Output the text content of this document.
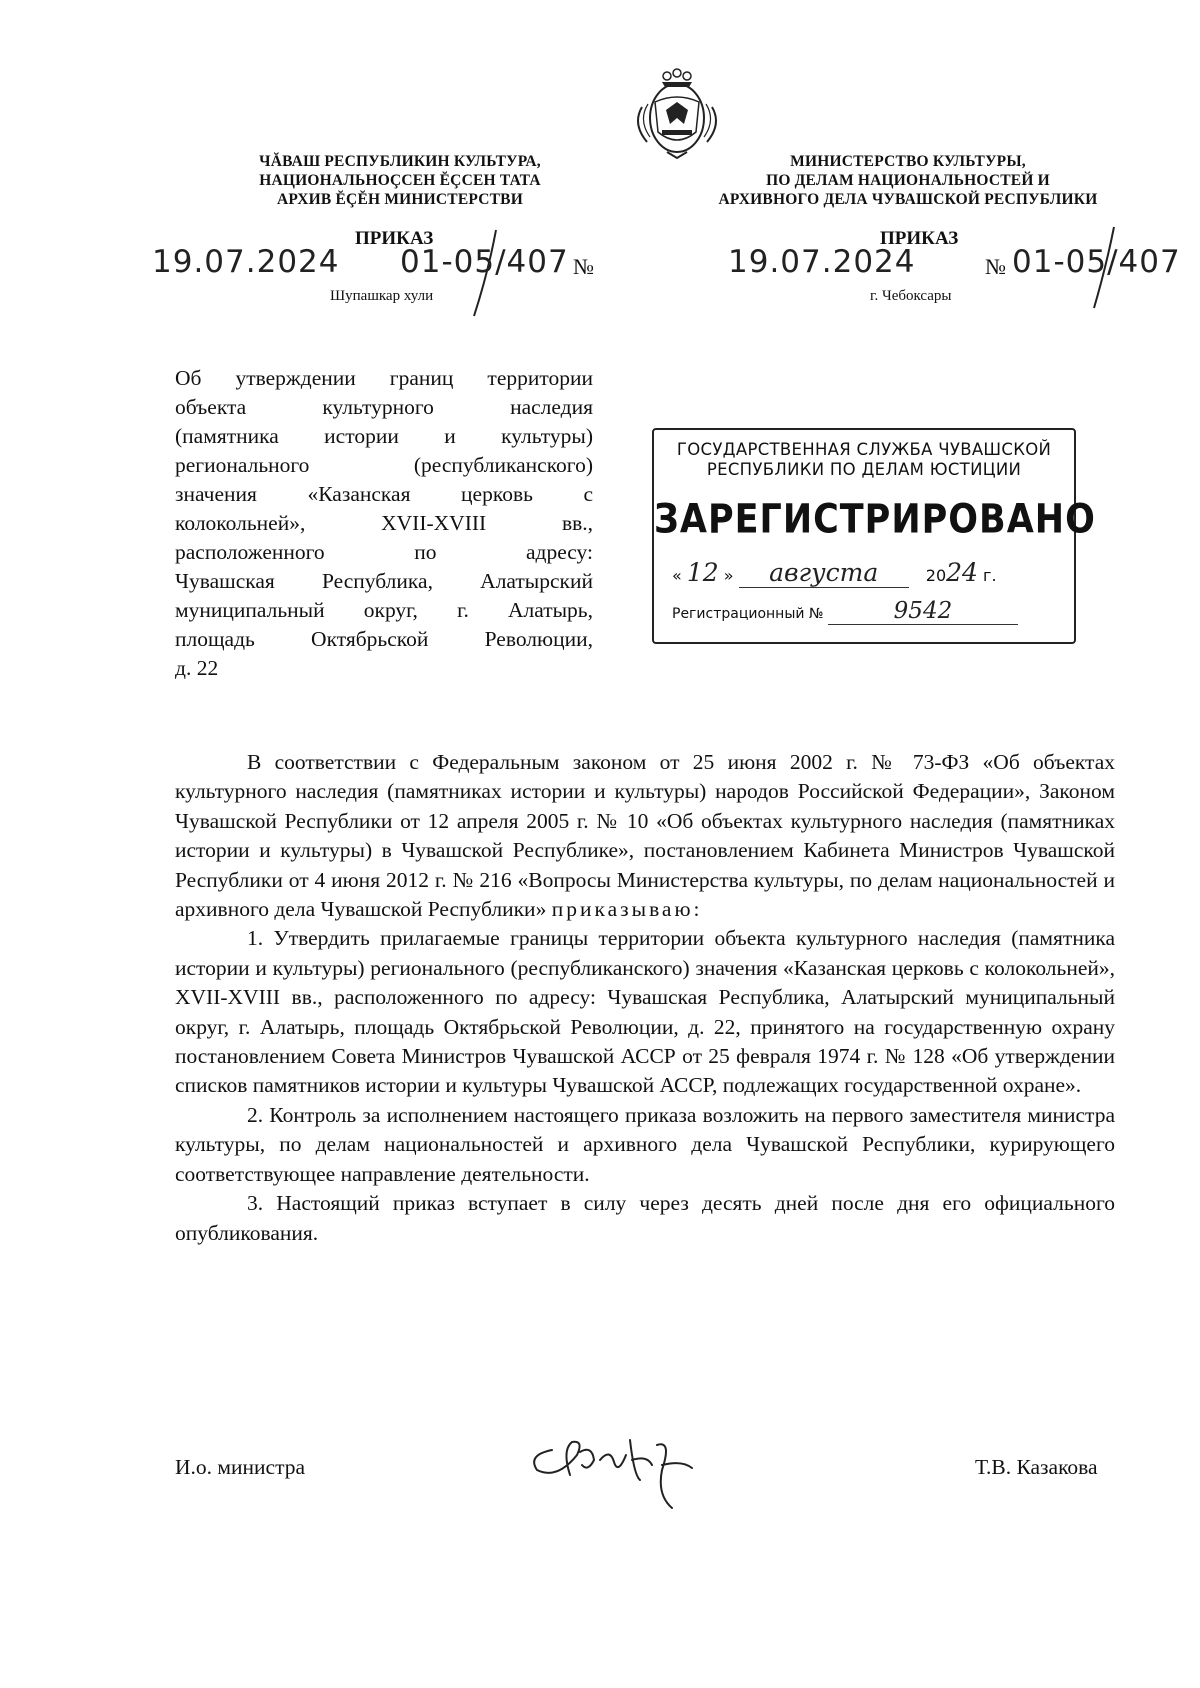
ЧĂВАШ РЕСПУБЛИКИН КУЛЬТУРА,
НАЦИОНАЛЬНОÇСЕН ĔÇСЕН ТАТА
АРХИВ ĔÇĔН МИНИСТЕРСТВИ
МИНИСТЕРСТВО КУЛЬТУРЫ,
ПО ДЕЛАМ НАЦИОНАЛЬНОСТЕЙ И
АРХИВНОГО ДЕЛА ЧУВАШСКОЙ РЕСПУБЛИКИ
ПРИКАЗ
19.07.2024 01-05/407 №
Шупашкар хули
ПРИКАЗ
19.07.2024	№ 01-05/407
г. Чебоксары

Об утверждении границ территории

объекта культурного наследия

(памятника истории и культуры)

регионального (республиканского)

значения «Казанская церковь с

колокольней», XVII-XVIII вв.,

расположенного по адресу:

Чувашская Республика, Алатырский

муниципальный округ, г. Алатырь,

площадь Октябрьской Революции,

д. 22

ГОСУДАРСТВЕННАЯ СЛУЖБА ЧУВАШСКОЙ
РЕСПУБЛИКИ ПО ДЕЛАМ ЮСТИЦИИ
ЗАРЕГИСТРИРОВАНО
« 12 » августа	2024 г.
Регистрационный №	9542

В соответствии с Федеральным законом от 25 июня 2002 г. № 73-ФЗ «Об объектах культурного наследия (памятниках истории и культуры) народов Российской Федерации», Законом Чувашской Республики от 12 апреля 2005 г. № 10 «Об объектах культурного наследия (памятниках истории и культуры) в Чувашской Республике», постановлением Кабинета Министров Чувашской Республики от 4 июня 2012 г. № 216 «Вопросы Министерства культуры, по делам национальностей и архивного дела Чувашской Республики» приказываю:

1. Утвердить прилагаемые границы территории объекта культурного наследия (памятника истории и культуры) регионального (республиканского) значения «Казанская церковь с колокольней», XVII-XVIII вв., расположенного по адресу: Чувашская Республика, Алатырский муниципальный округ, г. Алатырь, площадь Октябрьской Революции, д. 22, принятого на государственную охрану постановлением Совета Министров Чувашской АССР от 25 февраля 1974 г. № 128 «Об утверждении списков памятников истории и культуры Чувашской АССР, подлежащих государственной охране».

2. Контроль за исполнением настоящего приказа возложить на первого заместителя министра культуры, по делам национальностей и архивного дела Чувашской Республики, курирующего соответствующее направление деятельности.

3. Настоящий приказ вступает в силу через десять дней после дня его официального опубликования.

И.о. министра	Т.В. Казакова
